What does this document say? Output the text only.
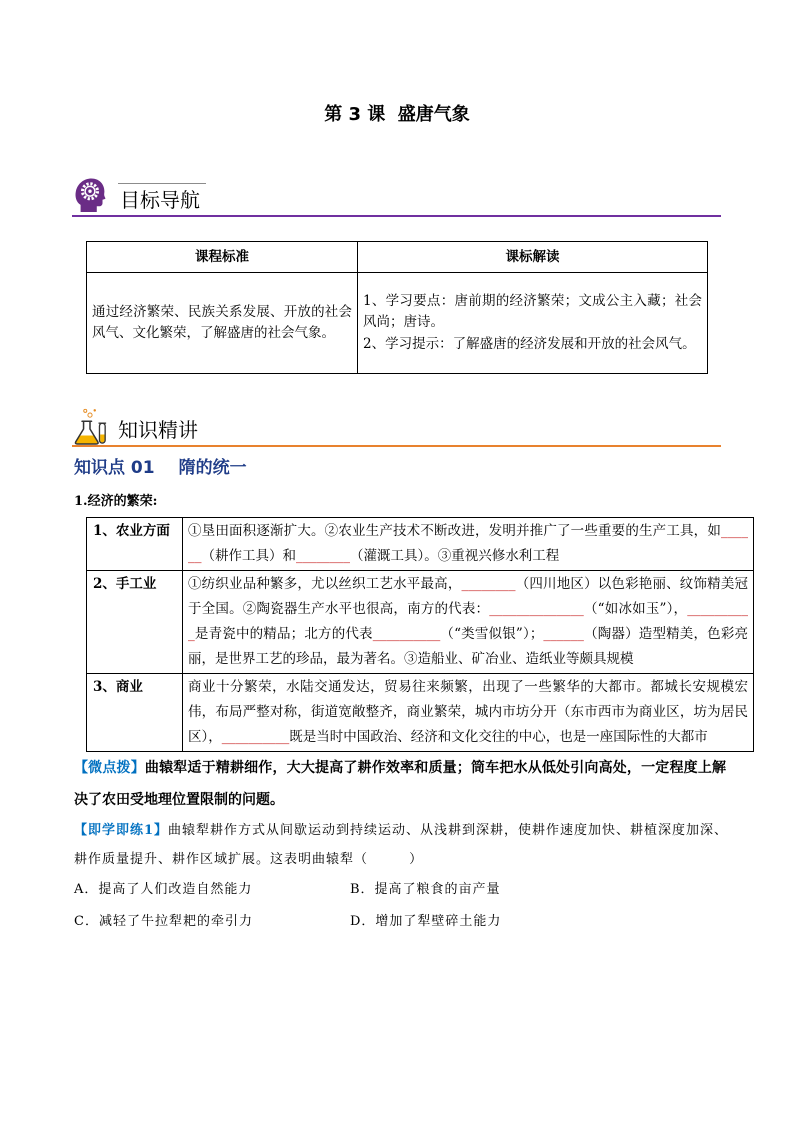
第 3 课  盛唐气象
目标导航
课程标准	课标解读
通过经济繁荣、民族关系发展、开放的社会风气、文化繁荣，了解盛唐的社会气象。	1、学习要点：唐前期的经济繁荣；文成公主入藏；社会风尚；唐诗。
2、学习提示：了解盛唐的经济发展和开放的社会风气。
知识精讲
知识点 01 隋的统一
1.经济的繁荣:
1、农业方面	①垦田面积逐渐扩大。②农业生产技术不断改进，发明并推广了一些重要的生产工具，如______（耕作工具）和________（灌溉工具）。③重视兴修水利工程
2、手工业	①纺织业品种繁多，尤以丝织工艺水平最高，________（四川地区）以色彩艳丽、纹饰精美冠于全国。②陶瓷器生产水平也很高，南方的代表：______________（“如冰如玉”），__________是青瓷中的精品；北方的代表__________（“类雪似银”）；______（陶器）造型精美，色彩亮丽，是世界工艺的珍品，最为著名。③造船业、矿冶业、造纸业等颇具规模
3、商业	商业十分繁荣，水陆交通发达，贸易往来频繁，出现了一些繁华的大都市。都城长安规模宏伟，布局严整对称，街道宽敞整齐，商业繁荣，城内市坊分开（东市西市为商业区，坊为居民区），__________既是当时中国政治、经济和文化交往的中心，也是一座国际性的大都市
【微点拨】曲辕犁适于精耕细作，大大提高了耕作效率和质量；筒车把水从低处引向高处，一定程度上解决了农田受地理位置限制的问题。
【即学即练1】曲辕犁耕作方式从间歇运动到持续运动、从浅耕到深耕，使耕作速度加快、耕植深度加深、耕作质量提升、耕作区域扩展。这表明曲辕犁（        ）
A．提高了人们改造自然能力	B．提高了粮食的亩产量
C．减轻了牛拉犁耙的牵引力	D．增加了犁壁碎土能力
